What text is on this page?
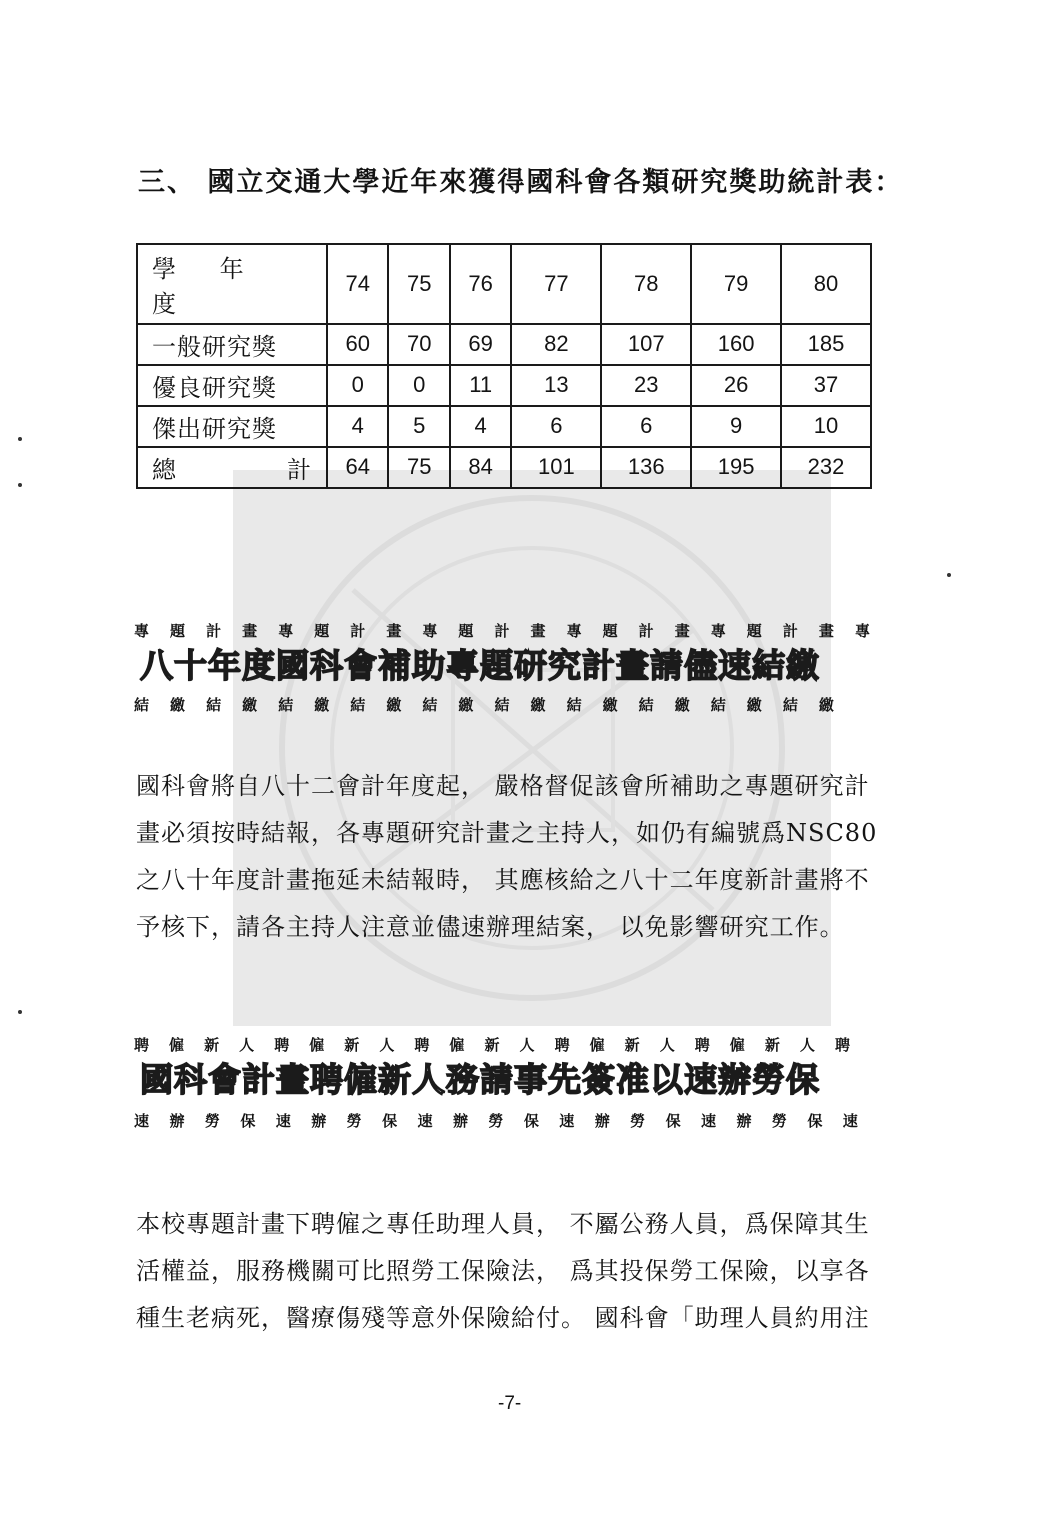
三、 國立交通大學近年來獲得國科會各類研究獎助統計表：
學 年 度	74	75	76	77	78	79	80
一般研究獎	60	70	69	82	107	160	185
優良研究獎	0	0	11	13	23	26	37
傑出研究獎	4	5	4	6	6	9	10
總 計	64	75	84	101	136	195	232
專 題 計 畫 專 題 計 畫 專 題 計 畫 專 題 計 畫 專 題 計 畫 專
八十年度國科會補助專題研究計畫請儘速結繳
結 繳 結 繳 結 繳 結 繳 結 繳 結 繳 結 繳 結 繳 結 繳 結 繳
國科會將自八十二會計年度起， 嚴格督促該會所補助之專題研究計
畫必須按時結報，各專題研究計畫之主持人，如仍有編號爲NSC80
之八十年度計畫拖延未結報時， 其應核給之八十二年度新計畫將不
予核下，請各主持人注意並儘速辦理結案， 以免影響研究工作。
聘 僱 新 人 聘 僱 新 人 聘 僱 新 人 聘 僱 新 人 聘 僱 新 人 聘
國科會計畫聘僱新人務請事先簽准以速辦勞保
速 辦 勞 保 速 辦 勞 保 速 辦 勞 保 速 辦 勞 保 速 辦 勞 保 速
本校專題計畫下聘僱之專任助理人員， 不屬公務人員，爲保障其生
活權益，服務機關可比照勞工保險法， 爲其投保勞工保險，以享各
種生老病死，醫療傷殘等意外保險給付。 國科會「助理人員約用注
-7-
